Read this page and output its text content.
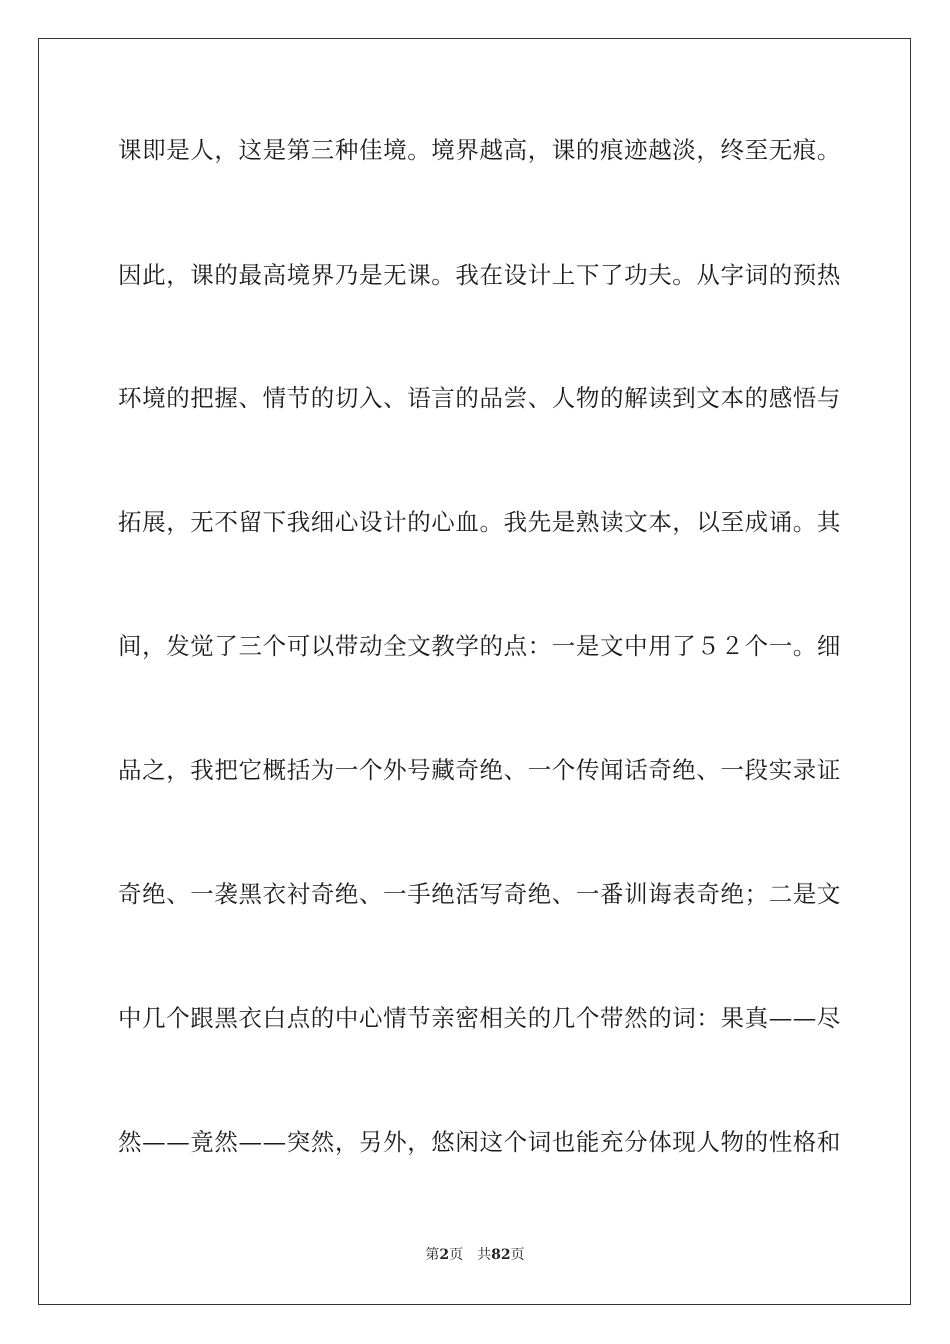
课即是人，这是第三种佳境。境界越高，课的痕迹越淡，终至无痕。
因此，课的最高境界乃是无课。我在设计上下了功夫。从字词的预热
环境的把握、情节的切入、语言的品尝、人物的解读到文本的感悟与
拓展，无不留下我细心设计的心血。我先是熟读文本，以至成诵。其
间，发觉了三个可以带动全文教学的点：一是文中用了５２个一。细
品之，我把它概括为一个外号藏奇绝、一个传闻话奇绝、一段实录证
奇绝、一袭黑衣衬奇绝、一手绝活写奇绝、一番训诲表奇绝；二是文
中几个跟黑衣白点的中心情节亲密相关的几个带然的词：果真——尽
然——竟然——突然，另外，悠闲这个词也能充分体现人物的性格和
第2页 共82页
